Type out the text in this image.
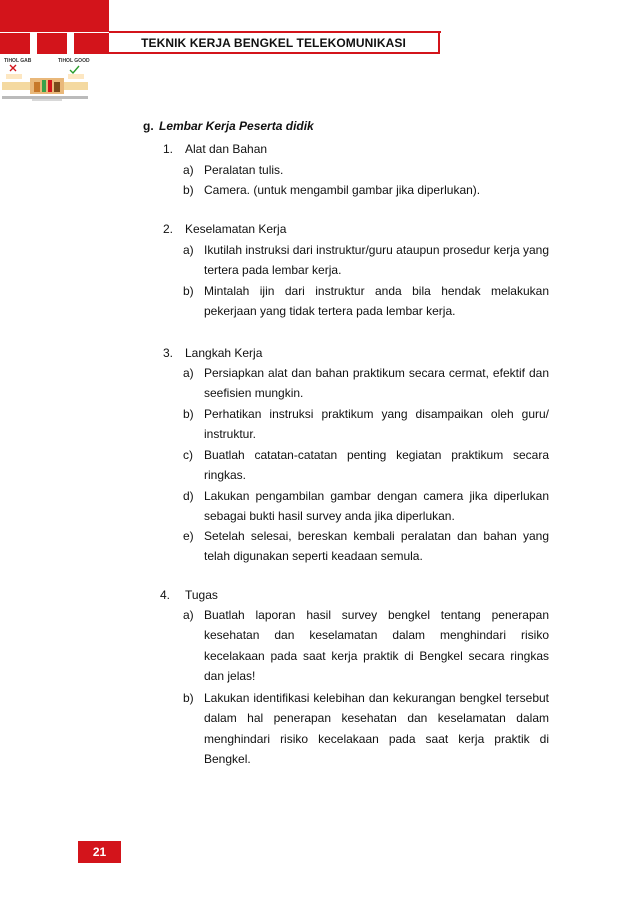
TEKNIK KERJA BENGKEL TELEKOMUNIKASI
TIHOL GAB	TIHOL GOOD
g. Lembar Kerja Peserta didik
1. Alat dan Bahan
a) Peralatan tulis.
b) Camera. (untuk mengambil gambar jika diperlukan).
2. Keselamatan Kerja
a) Ikutilah instruksi dari instruktur/guru ataupun prosedur kerja yang tertera pada lembar kerja.
b) Mintalah ijin dari instruktur anda bila hendak melakukan pekerjaan yang tidak tertera pada lembar kerja.
3. Langkah Kerja
a) Persiapkan alat dan bahan praktikum secara cermat, efektif dan seefisien mungkin.
b) Perhatikan instruksi praktikum yang disampaikan oleh guru/ instruktur.
c) Buatlah catatan-catatan penting kegiatan praktikum secara ringkas.
d) Lakukan pengambilan gambar dengan camera jika diperlukan sebagai bukti hasil survey anda jika diperlukan.
e) Setelah selesai, bereskan kembali peralatan dan bahan yang telah digunakan seperti keadaan semula.
4. Tugas
a) Buatlah laporan hasil survey bengkel tentang penerapan kesehatan dan keselamatan dalam menghindari risiko kecelakaan pada saat kerja praktik di Bengkel secara ringkas dan jelas!
b) Lakukan identifikasi kelebihan dan kekurangan bengkel tersebut dalam hal penerapan kesehatan dan keselamatan dalam menghindari risiko kecelakaan pada saat kerja praktik di Bengkel.
21
